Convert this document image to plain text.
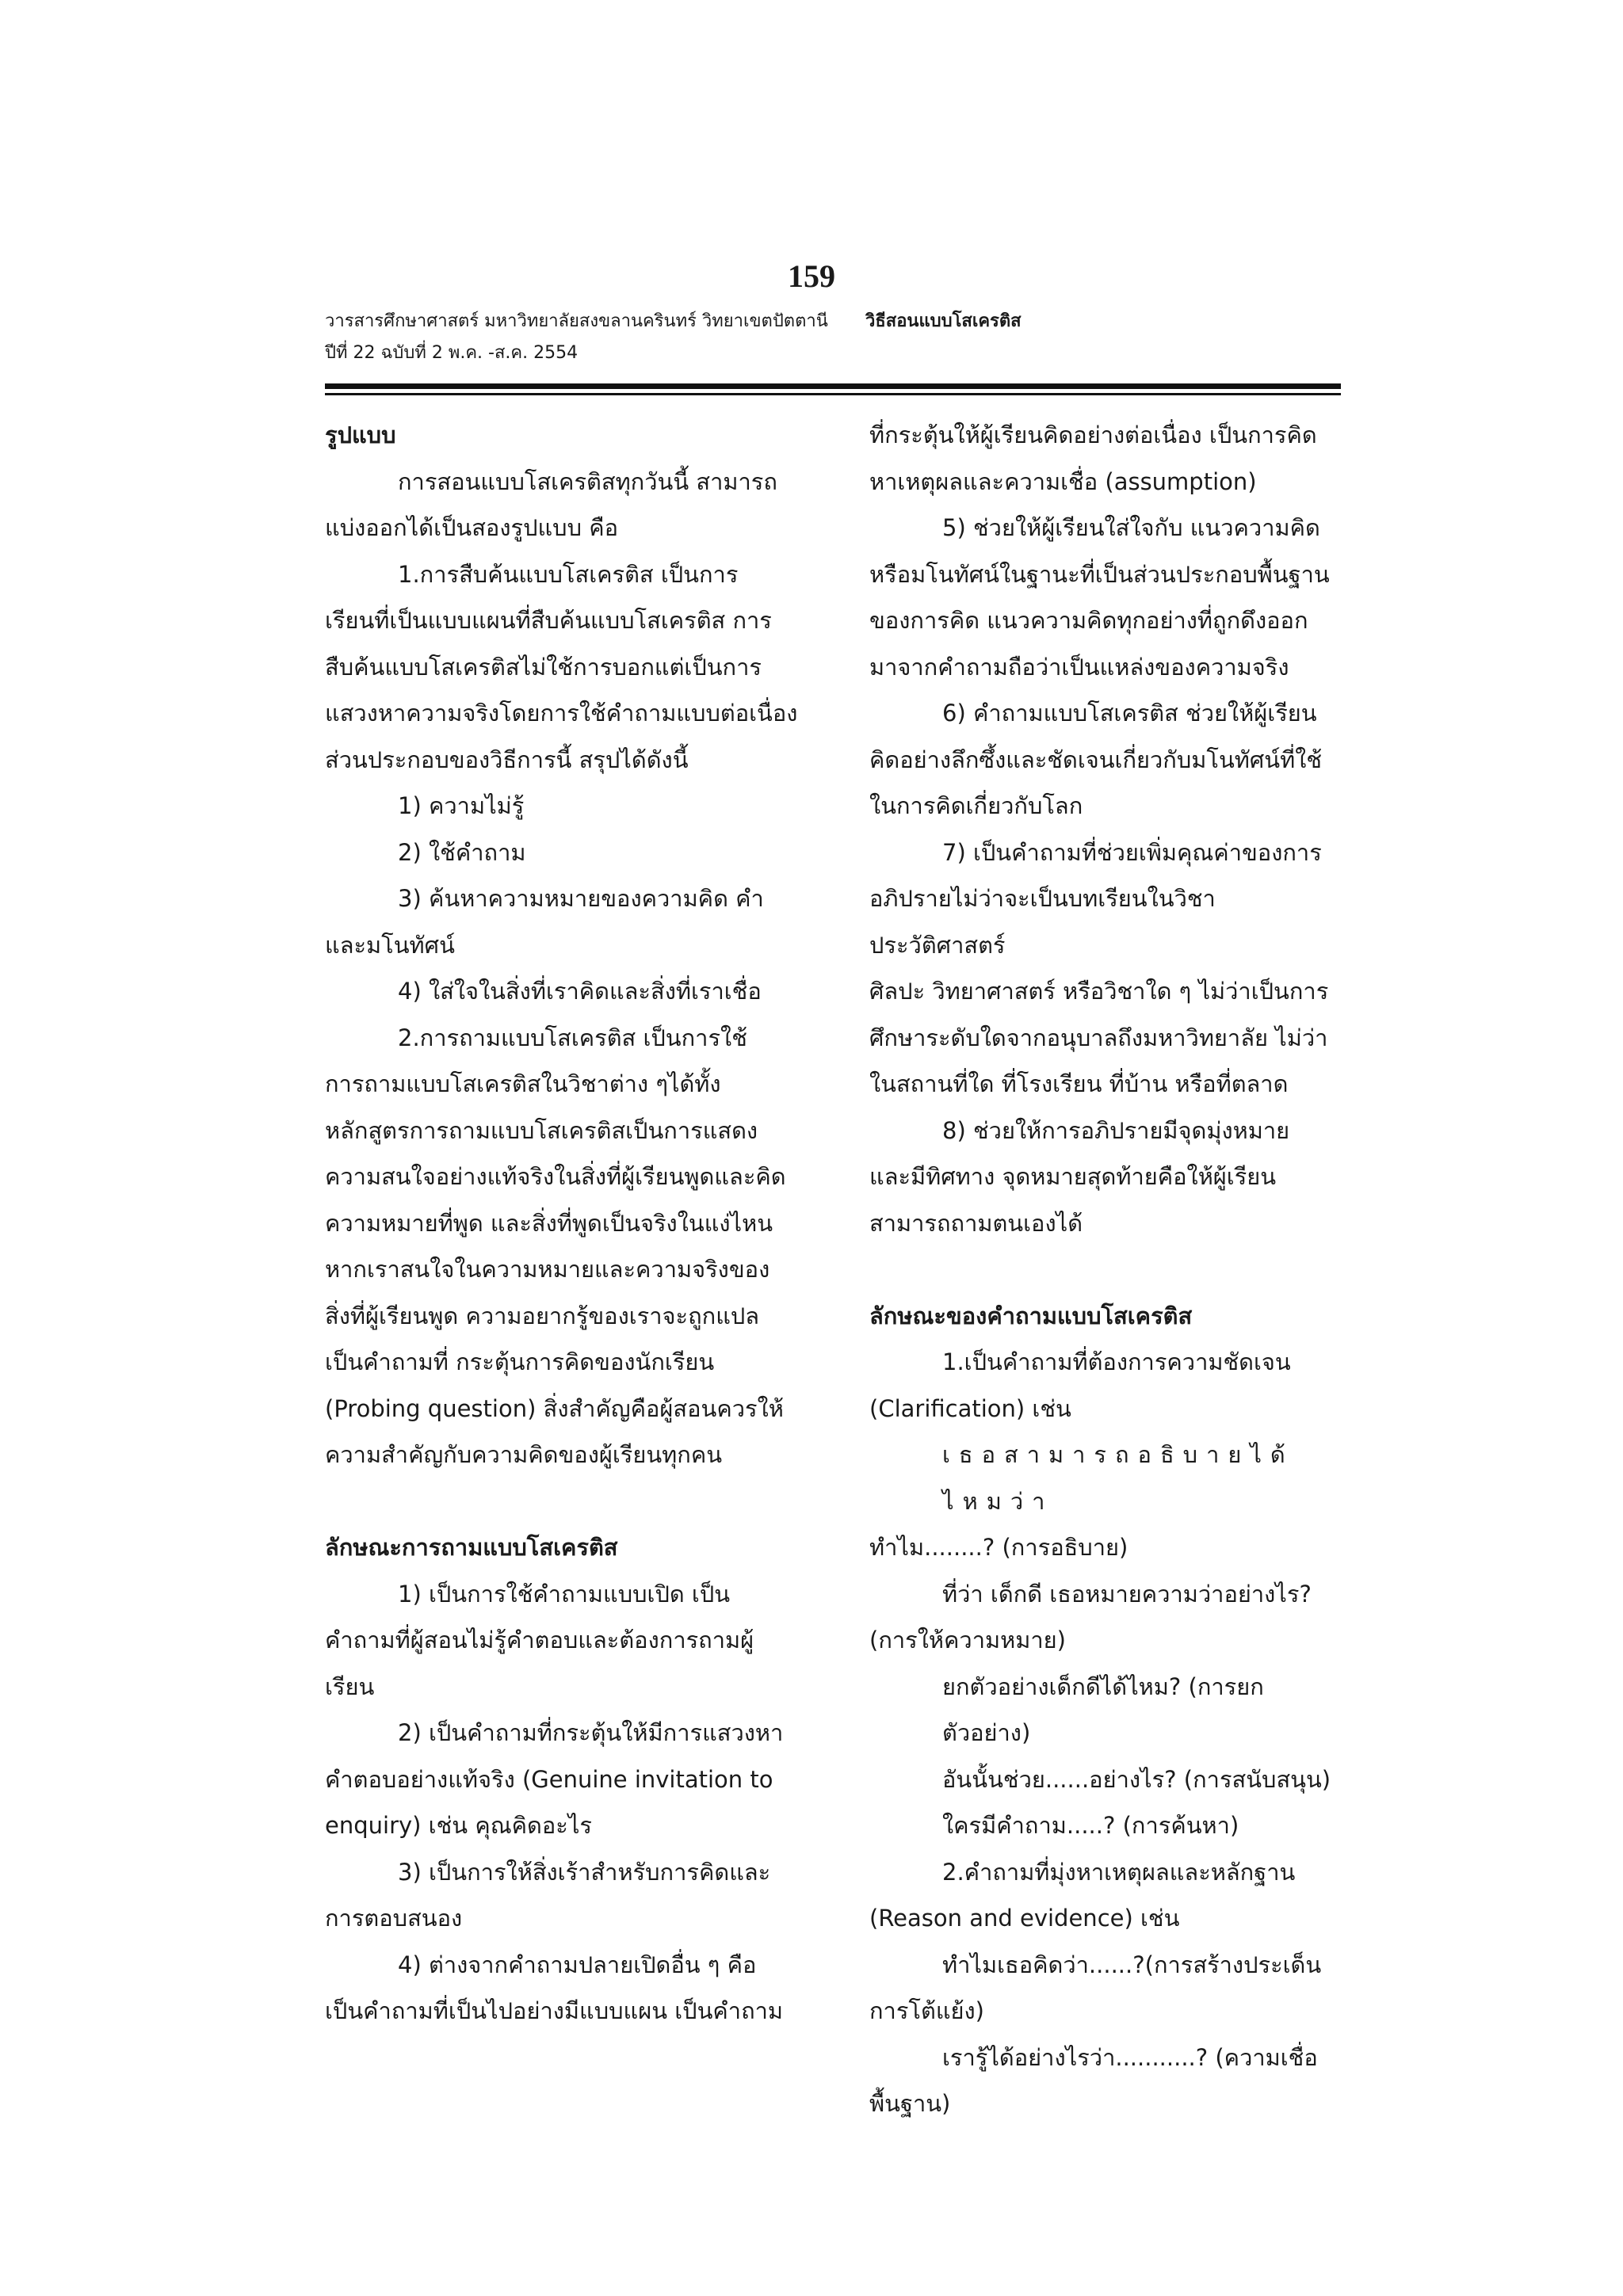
159
วารสารศึกษาศาสตร์ มหาวิทยาลัยสงขลานครินทร์ วิทยาเขตปัตตานี
ปีที่ 22 ฉบับที่ 2 พ.ค. -ส.ค. 2554
วิธีสอนแบบโสเครติส

รูปแบบ

การสอนแบบโสเครติสทุกวันนี้ สามารถ

แบ่งออกได้เป็นสองรูปแบบ คือ

1.การสืบค้นแบบโสเครติส เป็นการ

เรียนที่เป็นแบบแผนที่สืบค้นแบบโสเครติส การ

สืบค้นแบบโสเครติสไม่ใช้การบอกแต่เป็นการ

แสวงหาความจริงโดยการใช้คำถามแบบต่อเนื่อง

ส่วนประกอบของวิธีการนี้ สรุปได้ดังนี้

1) ความไม่รู้

2) ใช้คำถาม

3) ค้นหาความหมายของความคิด คำ

และมโนทัศน์

4) ใส่ใจในสิ่งที่เราคิดและสิ่งที่เราเชื่อ

2.การถามแบบโสเครติส เป็นการใช้

การถามแบบโสเครติสในวิชาต่าง ๆได้ทั้ง

หลักสูตรการถามแบบโสเครติสเป็นการแสดง

ความสนใจอย่างแท้จริงในสิ่งที่ผู้เรียนพูดและคิด

ความหมายที่พูด และสิ่งที่พูดเป็นจริงในแง่ไหน

หากเราสนใจในความหมายและความจริงของ

สิ่งที่ผู้เรียนพูด ความอยากรู้ของเราจะถูกแปล

เป็นคำถามที่ กระตุ้นการคิดของนักเรียน

(Probing question) สิ่งสำคัญคือผู้สอนควรให้

ความสำคัญกับความคิดของผู้เรียนทุกคน

ลักษณะการถามแบบโสเครติส

1) เป็นการใช้คำถามแบบเปิด เป็น

คำถามที่ผู้สอนไม่รู้คำตอบและต้องการถามผู้เรียน

2) เป็นคำถามที่กระตุ้นให้มีการแสวงหา

คำตอบอย่างแท้จริง (Genuine invitation to

enquiry) เช่น คุณคิดอะไร

3) เป็นการให้สิ่งเร้าสำหรับการคิดและ

การตอบสนอง

4) ต่างจากคำถามปลายเปิดอื่น ๆ คือ

เป็นคำถามที่เป็นไปอย่างมีแบบแผน เป็นคำถาม

ที่กระตุ้นให้ผู้เรียนคิดอย่างต่อเนื่อง เป็นการคิด

หาเหตุผลและความเชื่อ (assumption)

5) ช่วยให้ผู้เรียนใส่ใจกับ แนวความคิด

หรือมโนทัศน์ในฐานะที่เป็นส่วนประกอบพื้นฐาน

ของการคิด แนวความคิดทุกอย่างที่ถูกดึงออก

มาจากคำถามถือว่าเป็นแหล่งของความจริง

6) คำถามแบบโสเครติส ช่วยให้ผู้เรียน

คิดอย่างลึกซึ้งและชัดเจนเกี่ยวกับมโนทัศน์ที่ใช้

ในการคิดเกี่ยวกับโลก

7) เป็นคำถามที่ช่วยเพิ่มคุณค่าของการ

อภิปรายไม่ว่าจะเป็นบทเรียนในวิชาประวัติศาสตร์

ศิลปะ วิทยาศาสตร์ หรือวิชาใด ๆ ไม่ว่าเป็นการ

ศึกษาระดับใดจากอนุบาลถึงมหาวิทยาลัย ไม่ว่า

ในสถานที่ใด ที่โรงเรียน ที่บ้าน หรือที่ตลาด

8) ช่วยให้การอภิปรายมีจุดมุ่งหมาย

และมีทิศทาง จุดหมายสุดท้ายคือให้ผู้เรียน

สามารถถามตนเองได้

ลักษณะของคำถามแบบโสเครติส

1.เป็นคำถามที่ต้องการความชัดเจน

(Clarification) เช่น

เธอสามารถอธิบายได้ไหมว่า

ทำไม........? (การอธิบาย)

ที่ว่า เด็กดี เธอหมายความว่าอย่างไร?

(การให้ความหมาย)

ยกตัวอย่างเด็กดีได้ไหม? (การยกตัวอย่าง)

อันนั้นช่วย......อย่างไร? (การสนับสนุน)

ใครมีคำถาม.....? (การค้นหา)

2.คำถามที่มุ่งหาเหตุผลและหลักฐาน

(Reason and evidence) เช่น

ทำไมเธอคิดว่า......?(การสร้างประเด็น

การโต้แย้ง)

เรารู้ได้อย่างไรว่า...........? (ความเชื่อ

พื้นฐาน)
